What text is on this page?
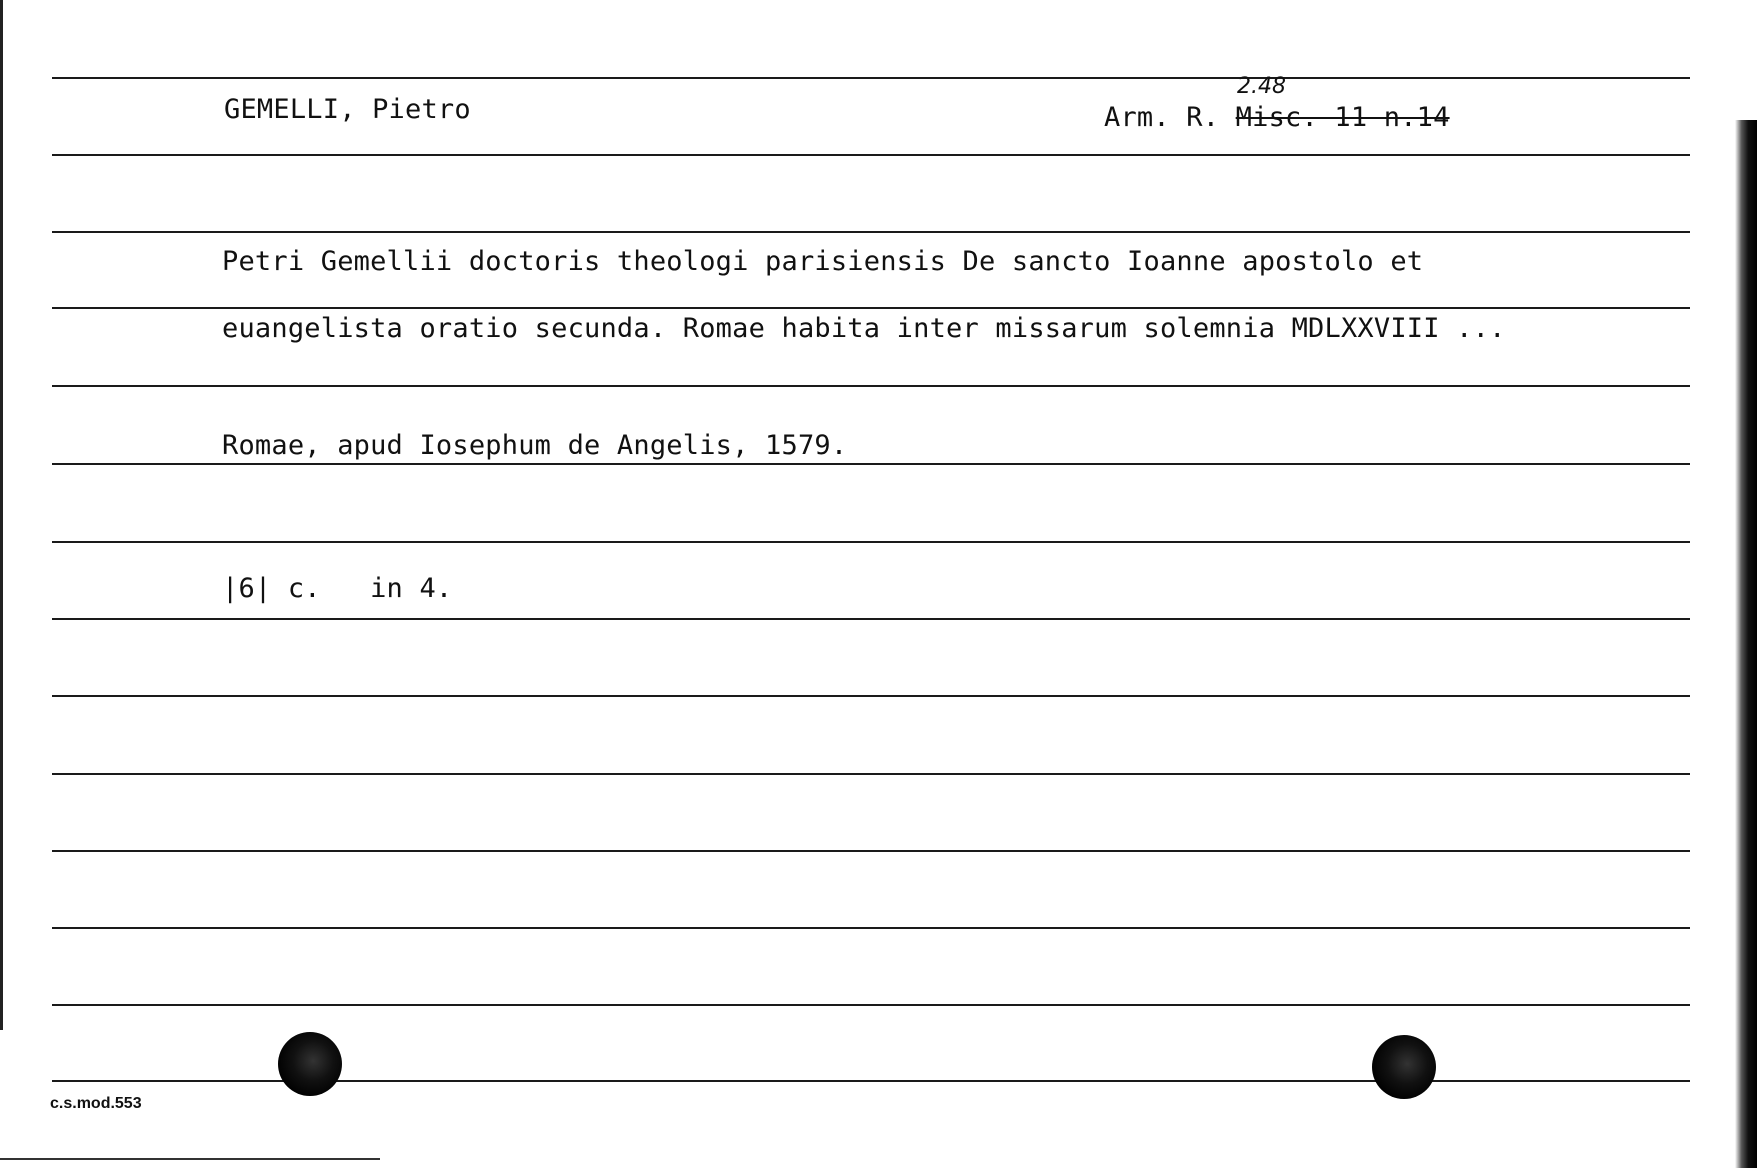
GEMELLI, Pietro
2.48
Arm. R. Misc. 11 n.14
Petri Gemellii doctoris theologi parisiensis De sancto Ioanne apostolo et
euangelista oratio secunda. Romae habita inter missarum solemnia MDLXXVIII ...
Romae, apud Iosephum de Angelis, 1579.
|6| c.   in 4.
c.s.mod.553
